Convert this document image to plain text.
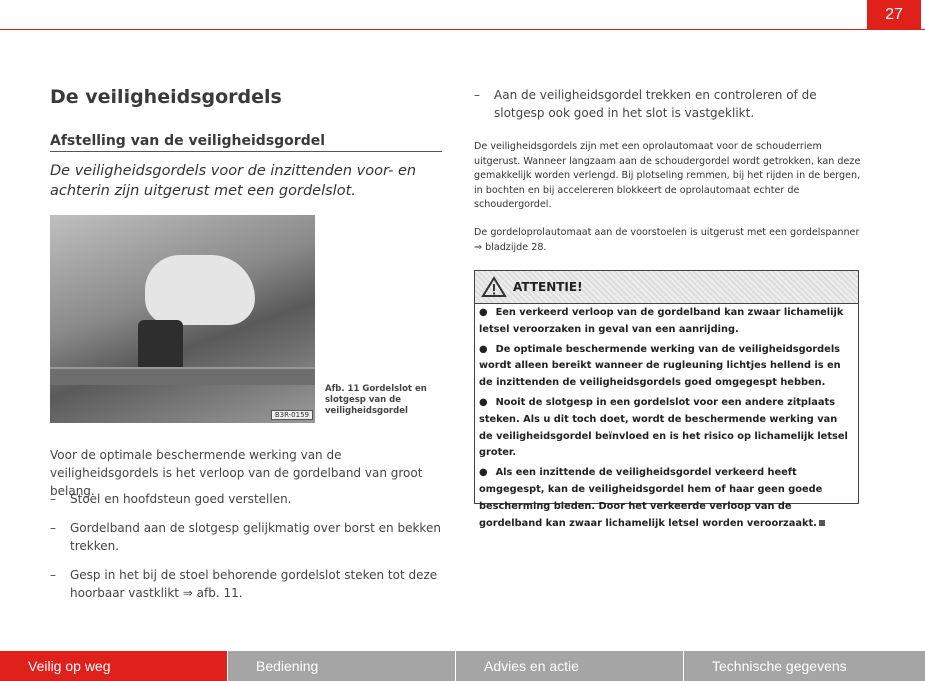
27
De veiligheidsgordels
Afstelling van de veiligheidsgordel

De veiligheidsgordels voor de inzittenden voor- en achterin zijn uitgerust met een gordelslot.

B3R-0159

Afb. 11 Gordelslot en slotgesp van de veiligheidsgordel

Voor de optimale beschermende werking van de veiligheidsgordels is het verloop van de gordelband van groot belang.

– Stoel en hoofdsteun goed verstellen.

– Gordelband aan de slotgesp gelijkmatig over borst en bekken trekken.

– Gesp in het bij de stoel behorende gordelslot steken tot deze hoorbaar vastklikt ⇒ afb. 11.

– Aan de veiligheidsgordel trekken en controleren of de slotgesp ook goed in het slot is vastgeklikt.

De veiligheidsgordels zijn met een oprolautomaat voor de schouderriem uitgerust. Wanneer langzaam aan de schoudergordel wordt getrokken, kan deze gemakkelijk worden verlengd. Bij plotseling remmen, bij het rijden in de bergen, in bochten en bij accelereren blokkeert de oprolautomaat echter de schoudergordel.

De gordeloprolautomaat aan de voorstoelen is uitgerust met een gordelspanner ⇒ bladzijde 28.

ATTENTIE!

● Een verkeerd verloop van de gordelband kan zwaar lichamelijk letsel veroorzaken in geval van een aanrijding.

● De optimale beschermende werking van de veiligheidsgordels wordt alleen bereikt wanneer de rugleuning lichtjes hellend is en de inzittenden de veiligheidsgordels goed omgegespt hebben.

● Nooit de slotgesp in een gordelslot voor een andere zitplaats steken. Als u dit toch doet, wordt de beschermende werking van de veiligheidsgordel beïnvloed en is het risico op lichamelijk letsel groter.

● Als een inzittende de veiligheidsgordel verkeerd heeft omgegespt, kan de veiligheidsgordel hem of haar geen goede bescherming bieden. Door het verkeerde verloop van de gordelband kan zwaar lichamelijk letsel worden veroorzaakt.

Veilig op weg	Bediening	Advies en actie	Technische gegevens
